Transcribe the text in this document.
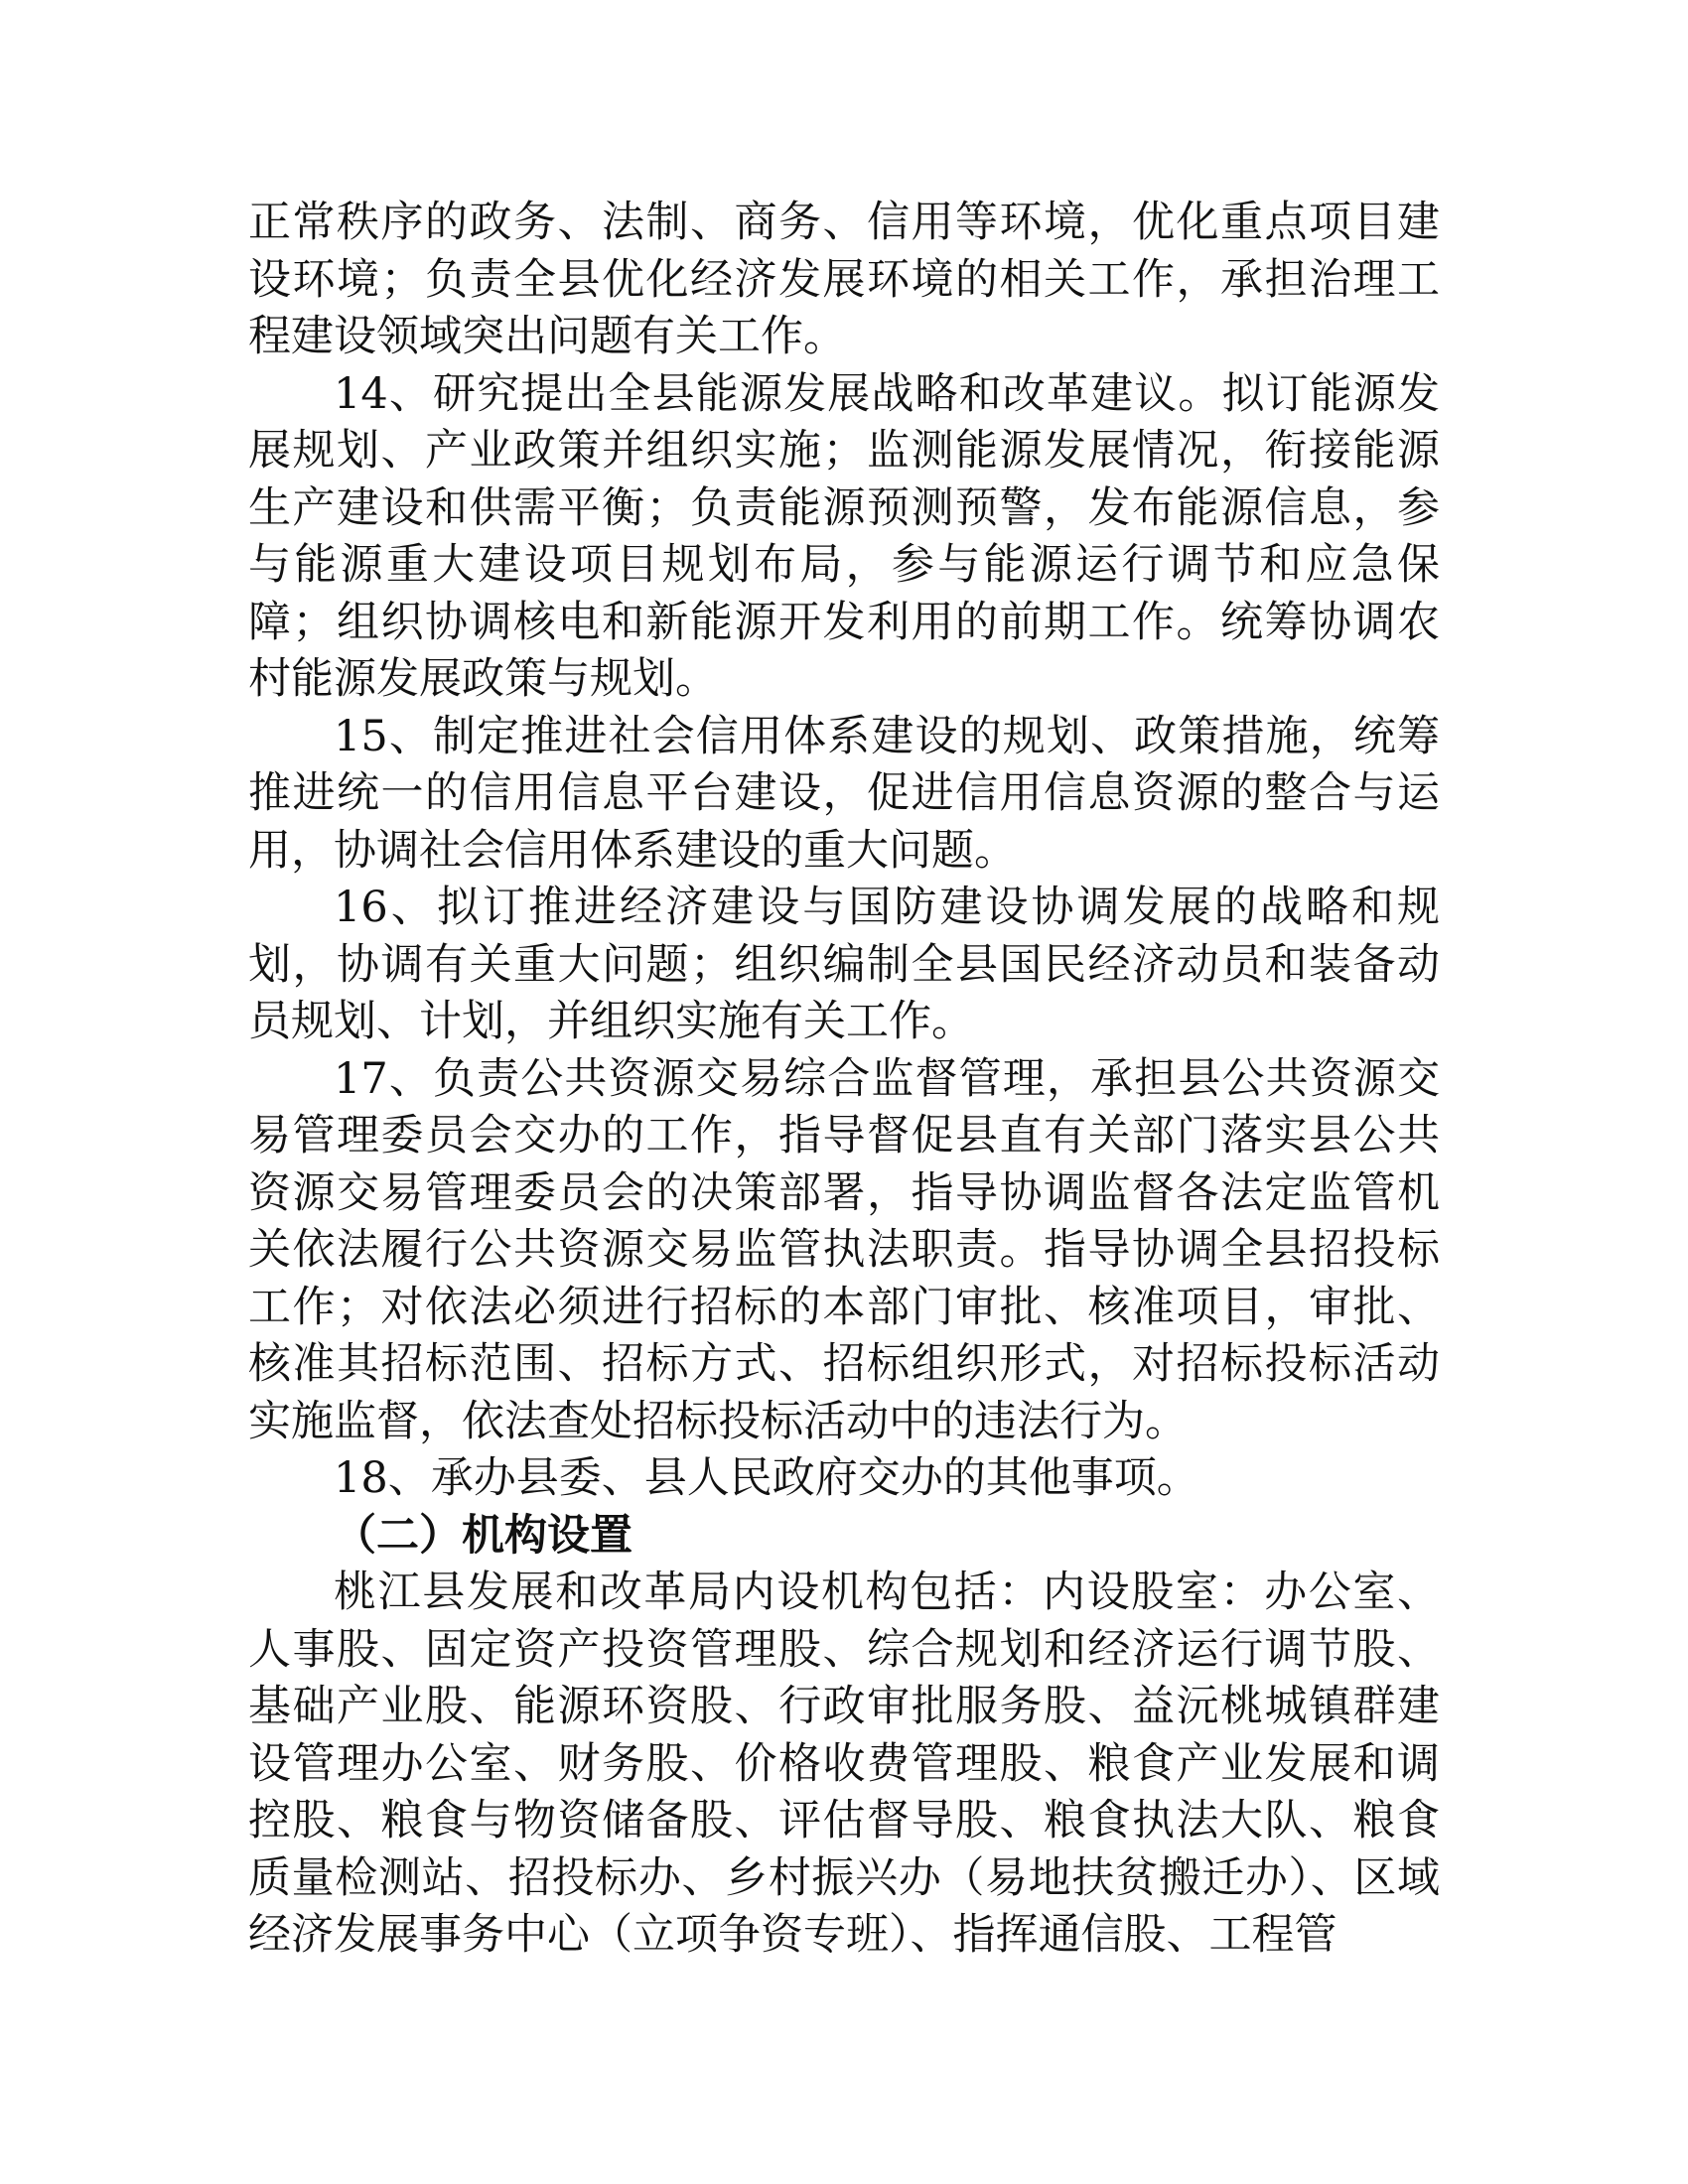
正常秩序的政务、法制、商务、信用等环境，优化重点项目建设环境；负责全县优化经济发展环境的相关工作，承担治理工程建设领域突出问题有关工作。

14、研究提出全县能源发展战略和改革建议。拟订能源发展规划、产业政策并组织实施；监测能源发展情况，衔接能源生产建设和供需平衡；负责能源预测预警，发布能源信息，参与能源重大建设项目规划布局，参与能源运行调节和应急保障；组织协调核电和新能源开发利用的前期工作。统筹协调农村能源发展政策与规划。

15、制定推进社会信用体系建设的规划、政策措施，统筹推进统一的信用信息平台建设，促进信用信息资源的整合与运用，协调社会信用体系建设的重大问题。

16、拟订推进经济建设与国防建设协调发展的战略和规划，协调有关重大问题；组织编制全县国民经济动员和装备动员规划、计划，并组织实施有关工作。

17、负责公共资源交易综合监督管理，承担县公共资源交易管理委员会交办的工作，指导督促县直有关部门落实县公共资源交易管理委员会的决策部署，指导协调监督各法定监管机关依法履行公共资源交易监管执法职责。指导协调全县招投标工作；对依法必须进行招标的本部门审批、核准项目，审批、核准其招标范围、招标方式、招标组织形式，对招标投标活动实施监督，依法查处招标投标活动中的违法行为。

18、承办县委、县人民政府交办的其他事项。

（二）机构设置

桃江县发展和改革局内设机构包括：内设股室：办公室、人事股、固定资产投资管理股、综合规划和经济运行调节股、基础产业股、能源环资股、行政审批服务股、益沅桃城镇群建设管理办公室、财务股、价格收费管理股、粮食产业发展和调控股、粮食与物资储备股、评估督导股、粮食执法大队、粮食质量检测站、招投标办、乡村振兴办（易地扶贫搬迁办）、区域经济发展事务中心（立项争资专班）、指挥通信股、工程管
